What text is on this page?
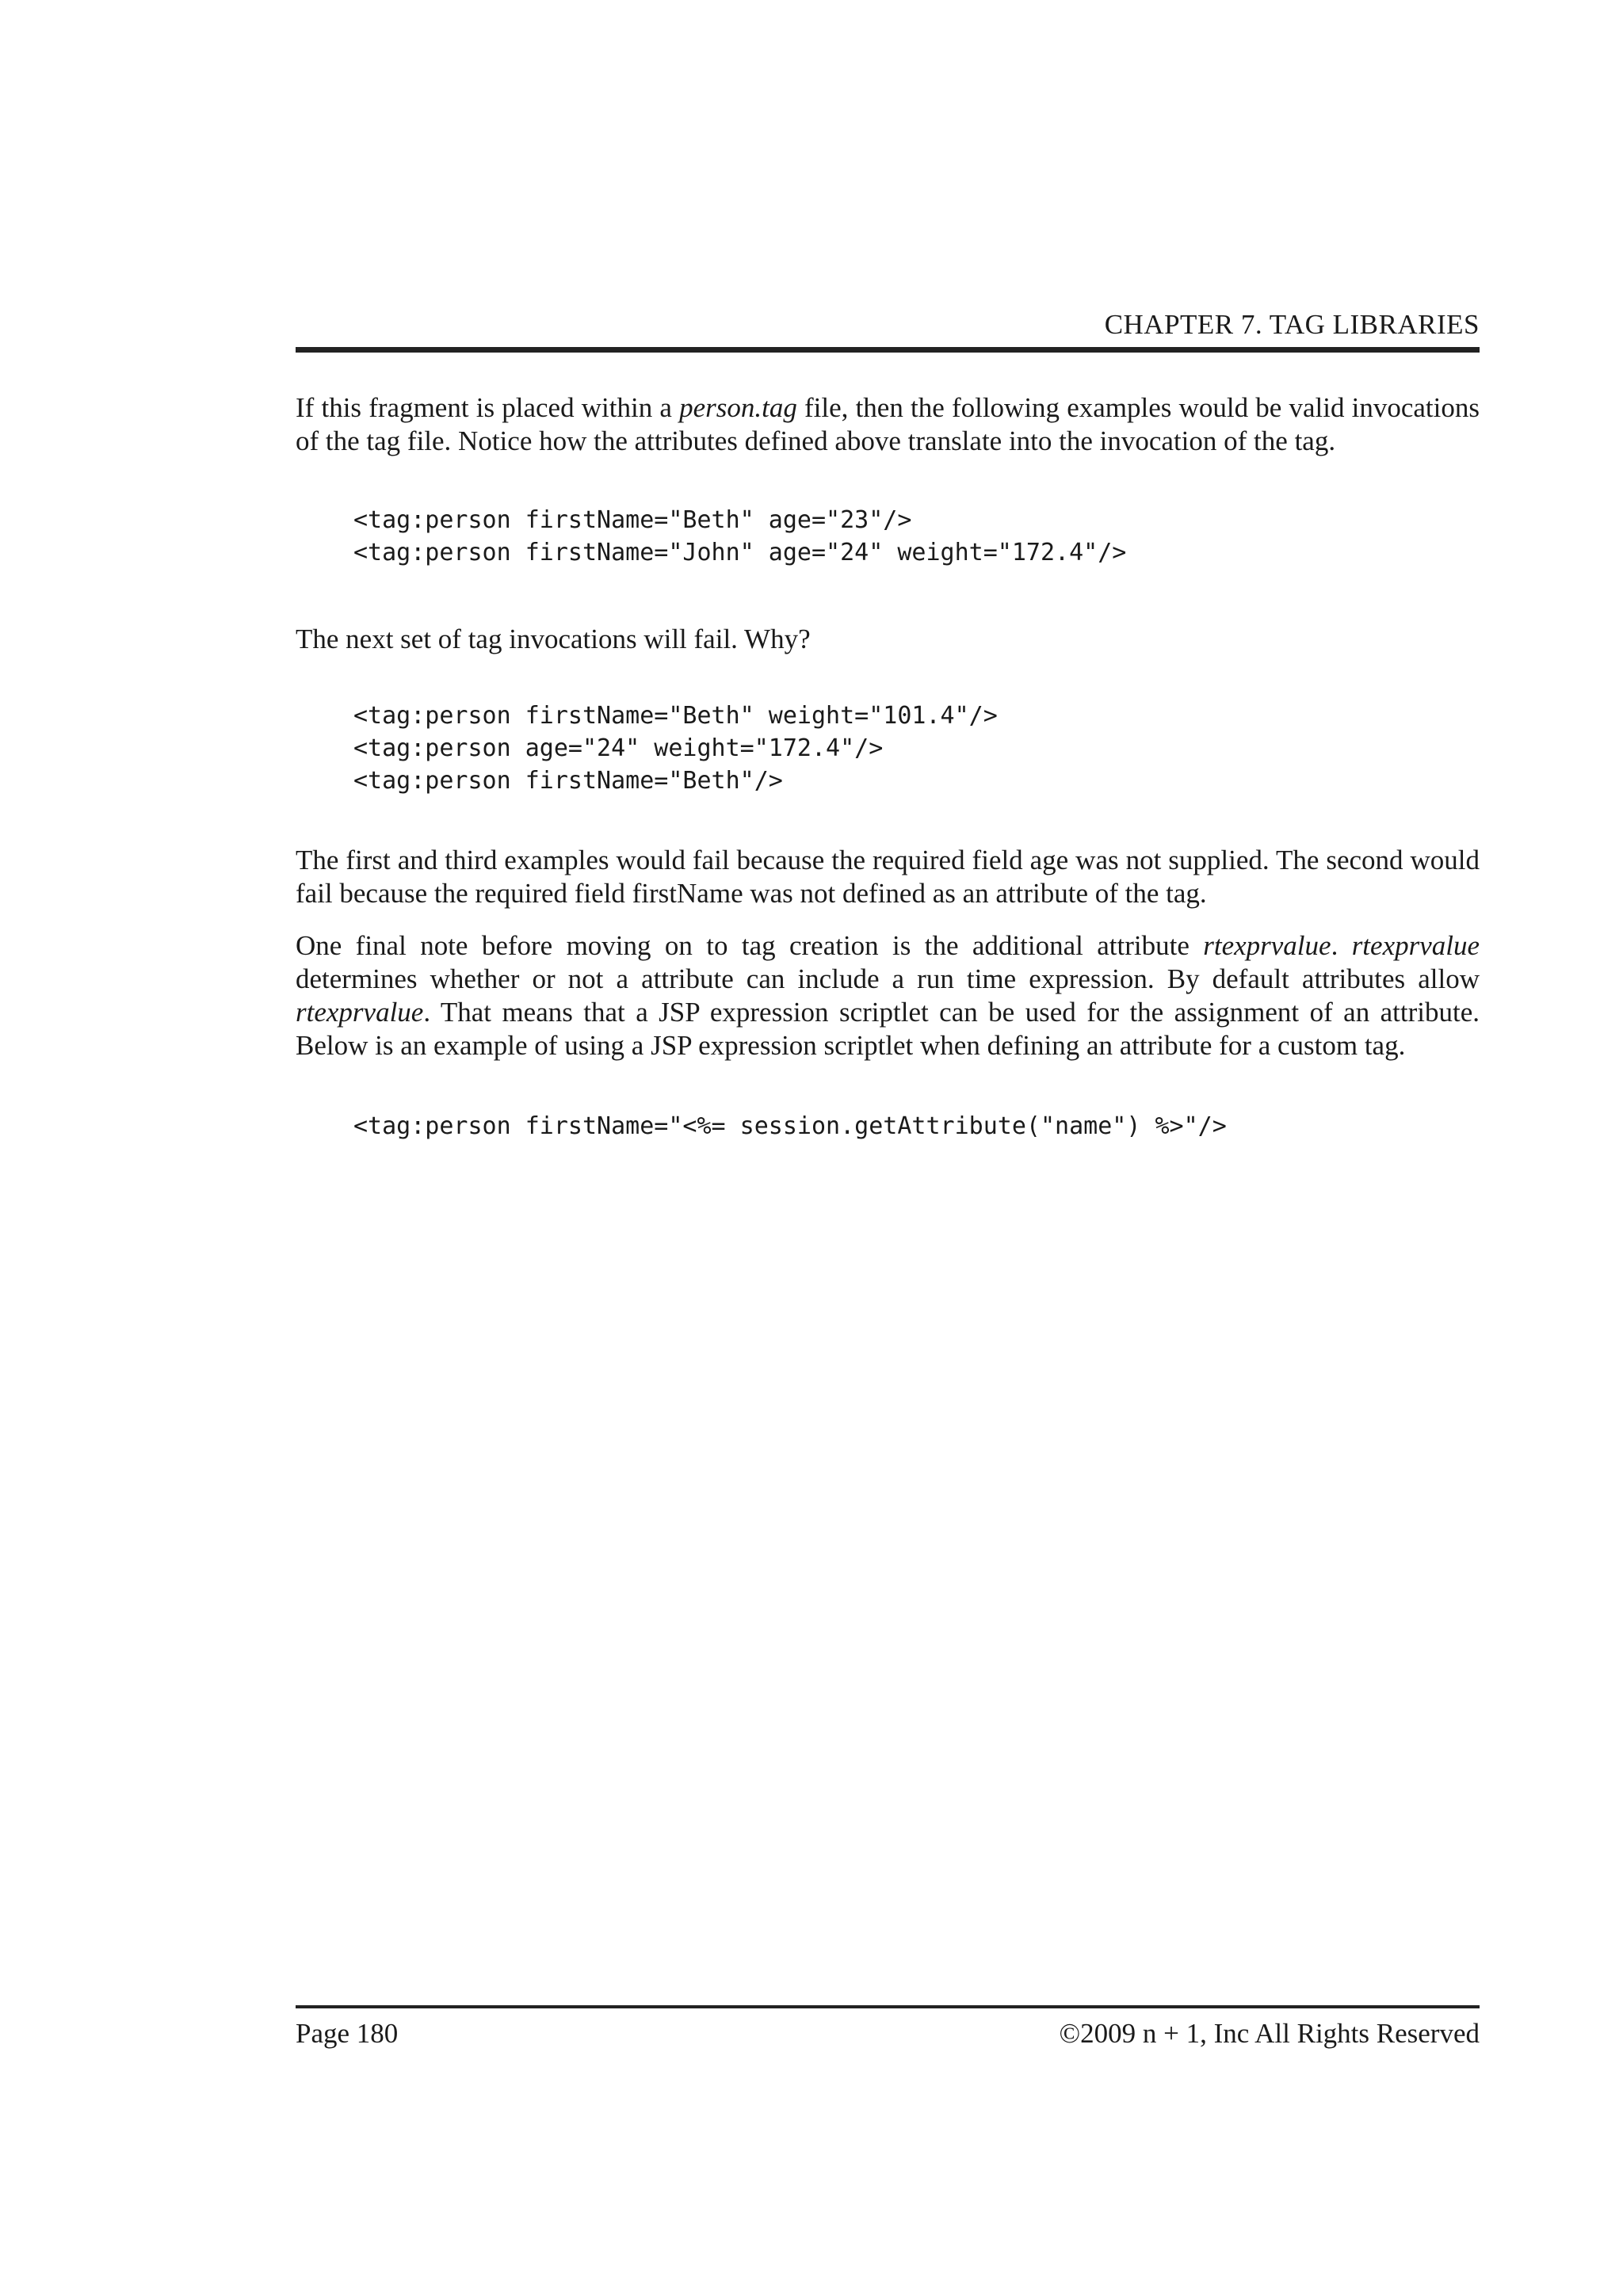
CHAPTER 7. TAG LIBRARIES

If this fragment is placed within a person.tag file, then the following examples would be valid invocations of the tag file. Notice how the attributes defined above translate into the invocation of the tag.

<tag:person firstName="Beth" age="23"/>
<tag:person firstName="John" age="24" weight="172.4"/>

The next set of tag invocations will fail. Why?

<tag:person firstName="Beth" weight="101.4"/>
<tag:person age="24" weight="172.4"/>
<tag:person firstName="Beth"/>

The first and third examples would fail because the required field age was not supplied. The second would fail because the required field firstName was not defined as an attribute of the tag.

One final note before moving on to tag creation is the additional attribute rtexprvalue. rtexprvalue determines whether or not a attribute can include a run time expression. By default attributes allow rtexprvalue. That means that a JSP expression scriptlet can be used for the assignment of an attribute. Below is an example of using a JSP expression scriptlet when defining an attribute for a custom tag.

<tag:person firstName="<%= session.getAttribute("name") %>"/>
Page 180	©2009 n + 1, Inc All Rights Reserved
